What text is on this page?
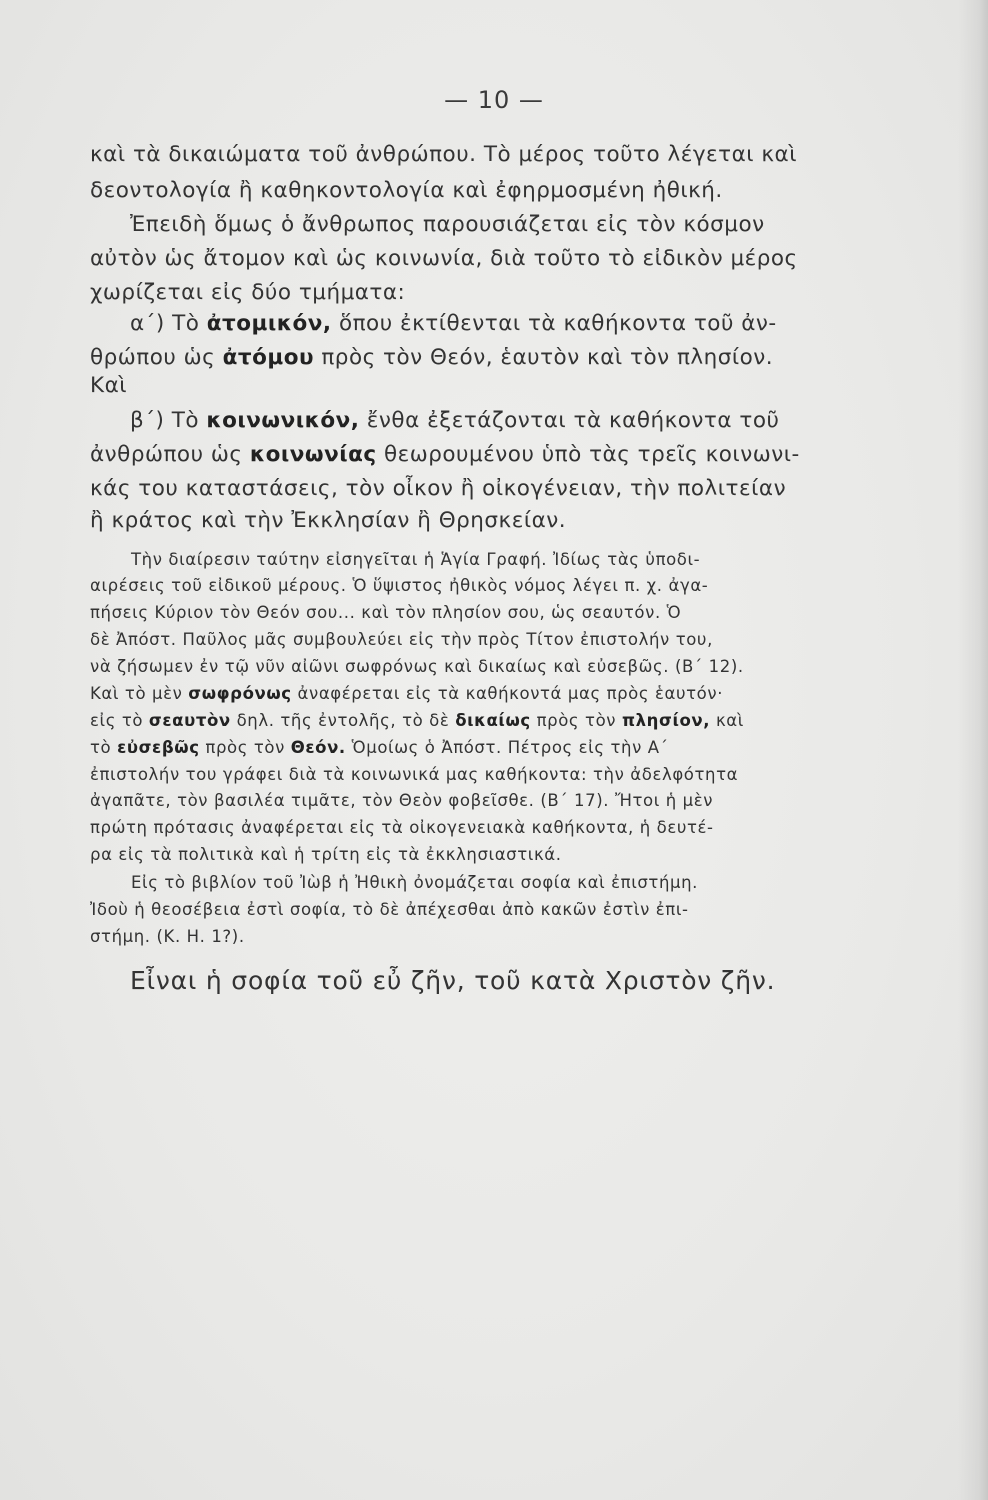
— 10 —
καὶ τὰ δικαιώματα τοῦ ἀνθρώπου. Τὸ μέρος τοῦτο λέγεται καὶ
δεοντολογία ἢ καθηκοντολογία καὶ ἐφηρμοσμένη ἠθική.
Ἐπειδὴ ὅμως ὁ ἄνθρωπος παρουσιάζεται εἰς τὸν κόσμον
αὐτὸν ὡς ἄτομον καὶ ὡς κοινωνία, διὰ τοῦτο τὸ εἰδικὸν μέρος
χωρίζεται εἰς δύο τμήματα:
α΄) Τὸ ἀτομικόν, ὅπου ἐκτίθενται τὰ καθήκοντα τοῦ ἀν-
θρώπου ὡς ἀτόμου πρὸς τὸν Θεόν, ἑαυτὸν καὶ τὸν πλησίον.
Καὶ
β΄) Τὸ κοινωνικόν, ἔνθα ἐξετάζονται τὰ καθήκοντα τοῦ
ἀνθρώπου ὡς κοινωνίας θεωρουμένου ὑπὸ τὰς τρεῖς κοινωνι-
κάς του καταστάσεις, τὸν οἶκον ἢ οἰκογένειαν, τὴν πολιτείαν
ἢ κράτος καὶ τὴν Ἐκκλησίαν ἢ Θρησκείαν.
Τὴν διαίρεσιν ταύτην εἰσηγεῖται ἡ Ἁγία Γραφή. Ἰδίως τὰς ὑποδι-
αιρέσεις τοῦ εἰδικοῦ μέρους. Ὁ ὕψιστος ἠθικὸς νόμος λέγει π. χ. ἀγα-
πήσεις Κύριον τὸν Θεόν σου... καὶ τὸν πλησίον σου, ὡς σεαυτόν. Ὁ
δὲ Ἀπόστ. Παῦλος μᾶς συμβουλεύει εἰς τὴν πρὸς Τίτον ἐπιστολήν του,
νὰ ζήσωμεν ἐν τῷ νῦν αἰῶνι σωφρόνως καὶ δικαίως καὶ εὐσεβῶς. (Β΄ 12).
Καὶ τὸ μὲν σωφρόνως ἀναφέρεται εἰς τὰ καθήκοντά μας πρὸς ἑαυτόν·
εἰς τὸ σεαυτὸν δηλ. τῆς ἐντολῆς, τὸ δὲ δικαίως πρὸς τὸν πλησίον, καὶ
τὸ εὐσεβῶς πρὸς τὸν Θεόν. Ὁμοίως ὁ Ἀπόστ. Πέτρος εἰς τὴν Α΄
ἐπιστολήν του γράφει διὰ τὰ κοινωνικά μας καθήκοντα: τὴν ἀδελφότητα
ἀγαπᾶτε, τὸν βασιλέα τιμᾶτε, τὸν Θεὸν φοβεῖσθε. (Β΄ 17). Ἤτοι ἡ μὲν
πρώτη πρότασις ἀναφέρεται εἰς τὰ οἰκογενειακὰ καθήκοντα, ἡ δευτέ-
ρα εἰς τὰ πολιτικὰ καὶ ἡ τρίτη εἰς τὰ ἐκκλησιαστικά.
Εἰς τὸ βιβλίον τοῦ Ἰὼβ ἡ Ἠθικὴ ὀνομάζεται σοφία καὶ ἐπιστήμη.
Ἰδοὺ ἡ θεοσέβεια ἐστὶ σοφία, τὸ δὲ ἀπέχεσθαι ἀπὸ κακῶν ἐστὶν ἐπι-
στήμη. (Κ. Η. 1?).
Εἶναι ἡ σοφία τοῦ εὖ ζῆν, τοῦ κατὰ Χριστὸν ζῆν.
